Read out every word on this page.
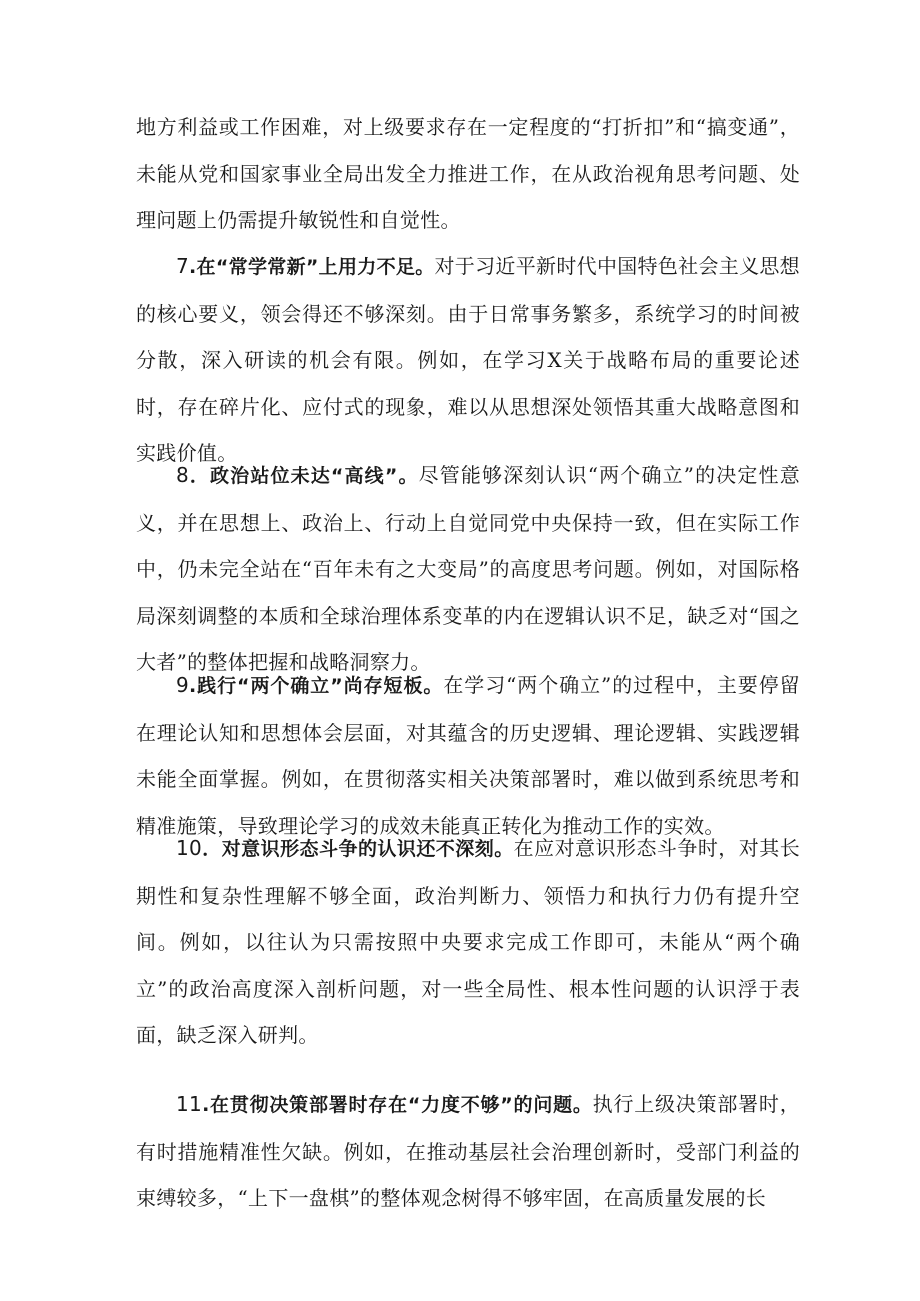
地方利益或工作困难，对上级要求存在一定程度的“打折扣”和“搞变通”，未能从党和国家事业全局出发全力推进工作，在从政治视角思考问题、处理问题上仍需提升敏锐性和自觉性。

7.在“常学常新”上用力不足。对于习近平新时代中国特色社会主义思想的核心要义，领会得还不够深刻。由于日常事务繁多，系统学习的时间被分散，深入研读的机会有限。例如，在学习X关于战略布局的重要论述时，存在碎片化、应付式的现象，难以从思想深处领悟其重大战略意图和实践价值。

8．政治站位未达“高线”。尽管能够深刻认识“两个确立”的决定性意义，并在思想上、政治上、行动上自觉同党中央保持一致，但在实际工作中，仍未完全站在“百年未有之大变局”的高度思考问题。例如，对国际格局深刻调整的本质和全球治理体系变革的内在逻辑认识不足，缺乏对“国之大者”的整体把握和战略洞察力。

9.践行“两个确立”尚存短板。在学习“两个确立”的过程中，主要停留在理论认知和思想体会层面，对其蕴含的历史逻辑、理论逻辑、实践逻辑未能全面掌握。例如，在贯彻落实相关决策部署时，难以做到系统思考和精准施策，导致理论学习的成效未能真正转化为推动工作的实效。

10．对意识形态斗争的认识还不深刻。在应对意识形态斗争时，对其长期性和复杂性理解不够全面，政治判断力、领悟力和执行力仍有提升空间。例如，以往认为只需按照中央要求完成工作即可，未能从“两个确立”的政治高度深入剖析问题，对一些全局性、根本性问题的认识浮于表面，缺乏深入研判。

11.在贯彻决策部署时存在“力度不够”的问题。执行上级决策部署时，有时措施精准性欠缺。例如，在推动基层社会治理创新时，受部门利益的束缚较多，“上下一盘棋”的整体观念树得不够牢固，在高质量发展的长
